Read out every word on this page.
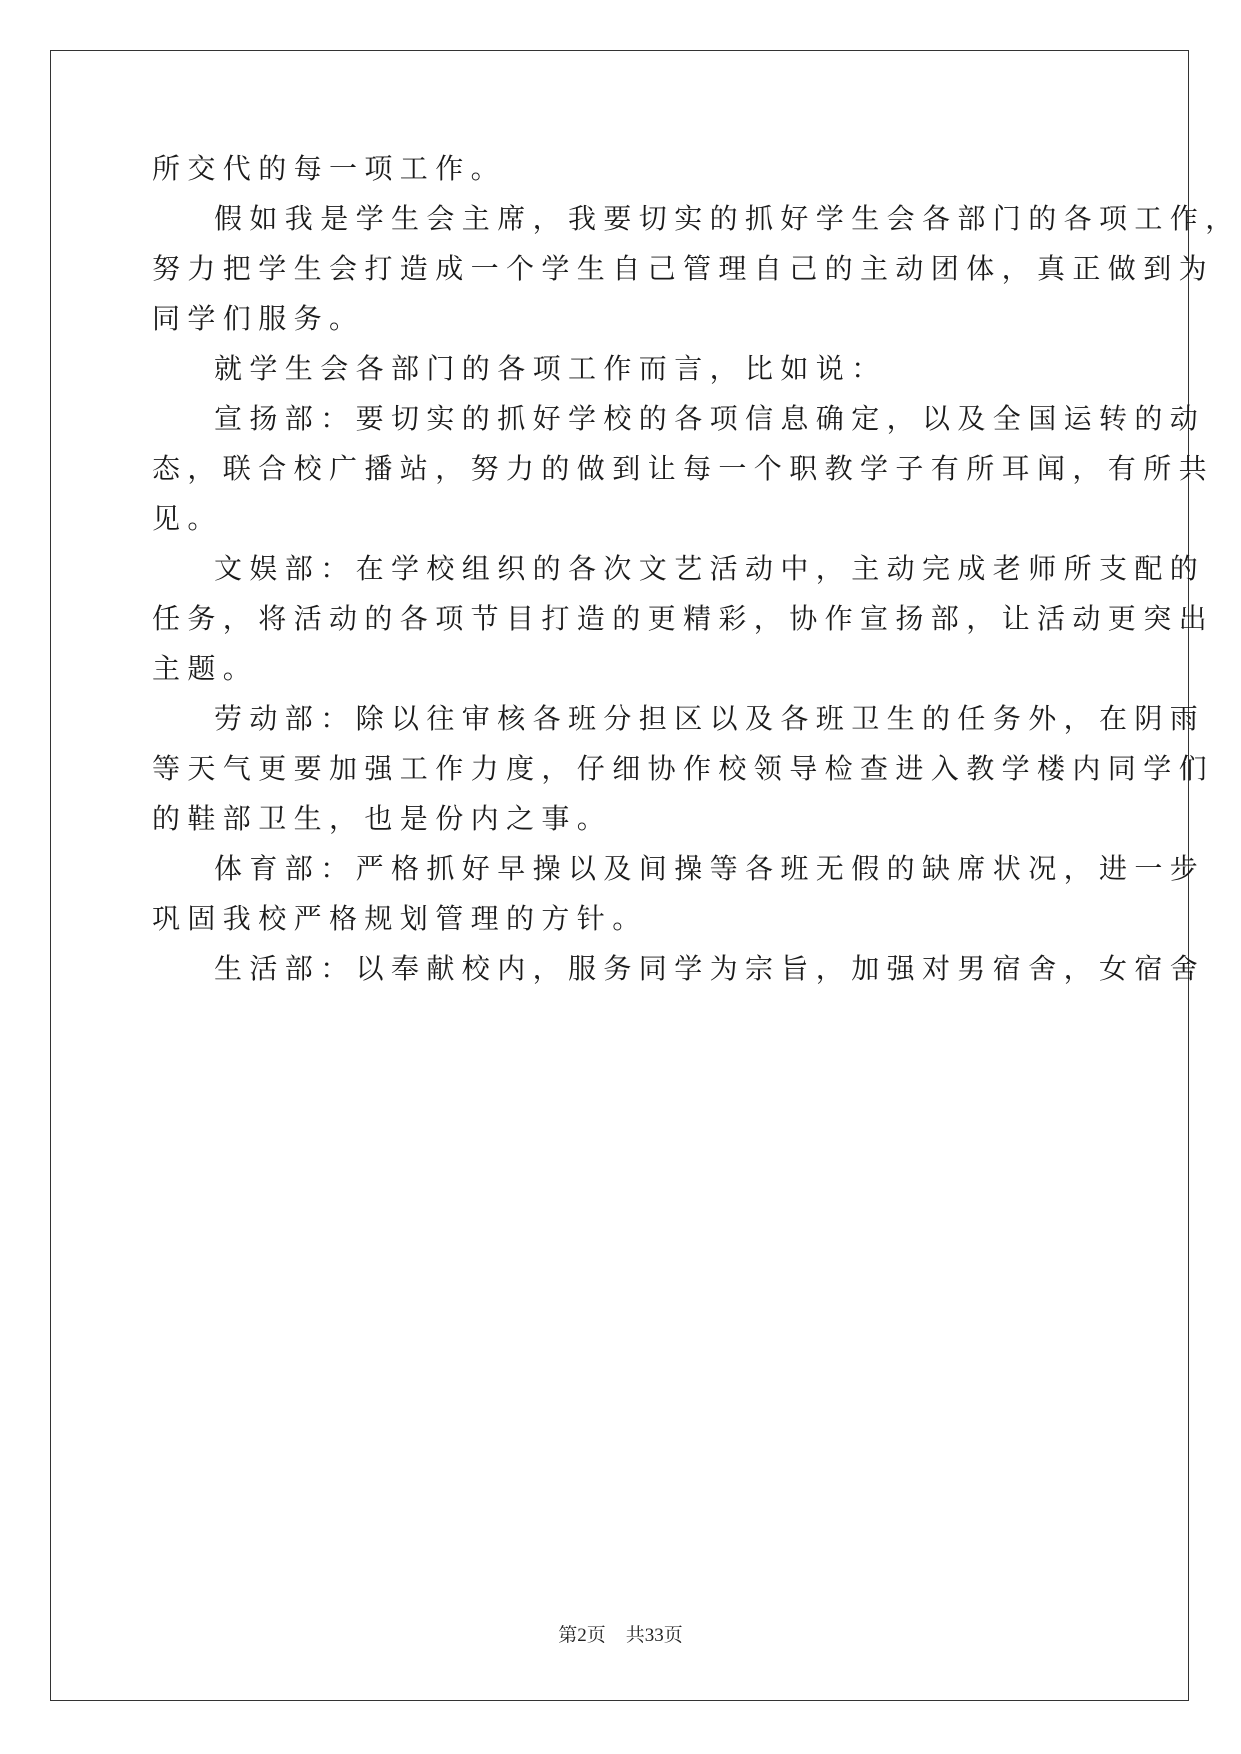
所交代的每一项工作。
假如我是学生会主席，我要切实的抓好学生会各部门的各项工作，
努力把学生会打造成一个学生自己管理自己的主动团体，真正做到为
同学们服务。
就学生会各部门的各项工作而言，比如说：
宣扬部：要切实的抓好学校的各项信息确定，以及全国运转的动
态，联合校广播站，努力的做到让每一个职教学子有所耳闻，有所共
见。
文娱部：在学校组织的各次文艺活动中，主动完成老师所支配的
任务，将活动的各项节目打造的更精彩，协作宣扬部，让活动更突出
主题。
劳动部：除以往审核各班分担区以及各班卫生的任务外，在阴雨
等天气更要加强工作力度，仔细协作校领导检查进入教学楼内同学们
的鞋部卫生，也是份内之事。
体育部：严格抓好早操以及间操等各班无假的缺席状况，进一步
巩固我校严格规划管理的方针。
生活部：以奉献校内，服务同学为宗旨，加强对男宿舍，女宿舍
第2页 共33页
